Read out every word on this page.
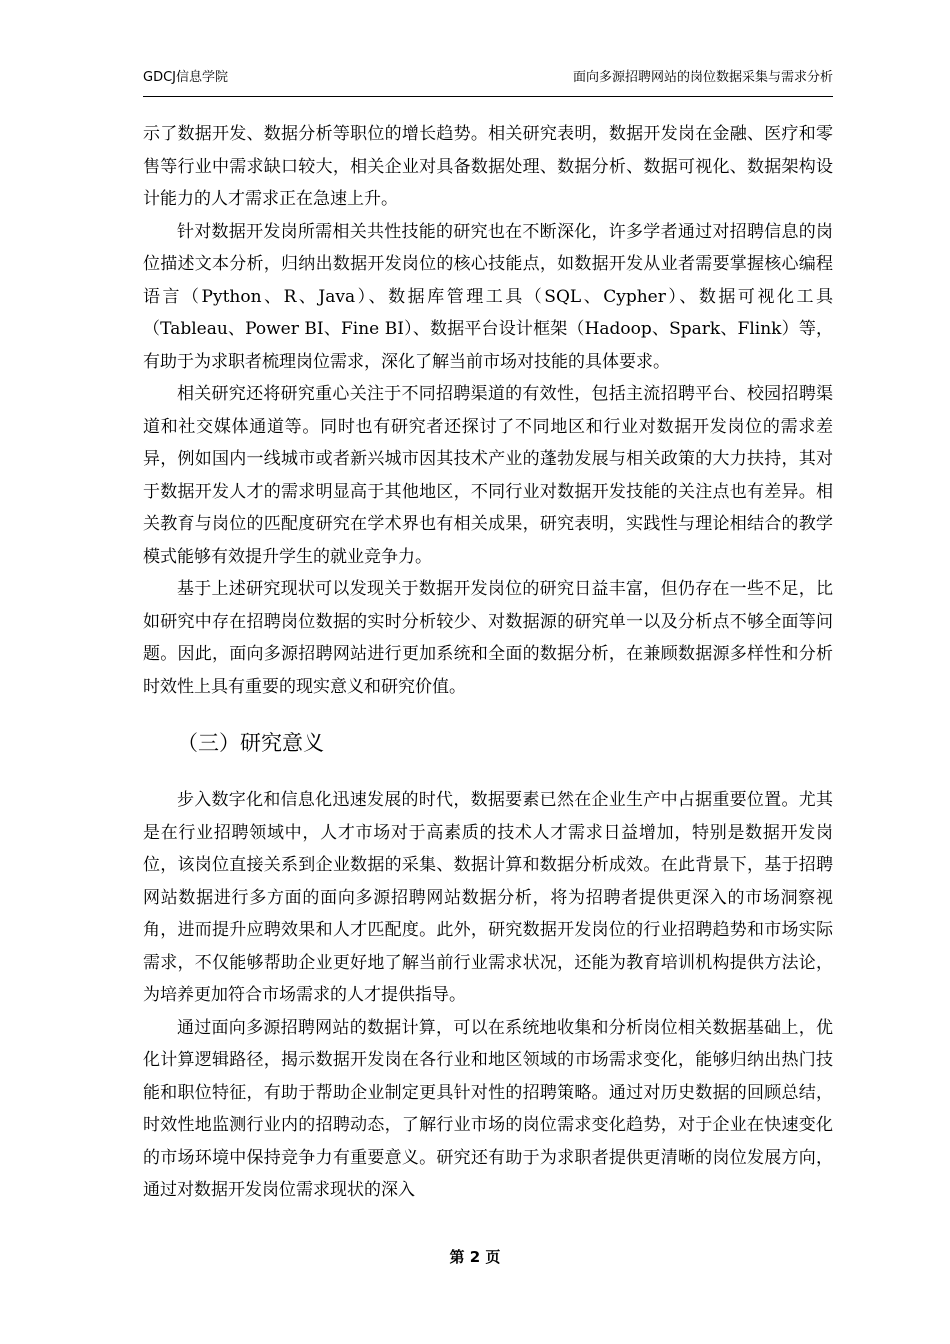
GDCJ信息学院	面向多源招聘网站的岗位数据采集与需求分析

示了数据开发、数据分析等职位的增长趋势。相关研究表明，数据开发岗在金融、医疗和零售等行业中需求缺口较大，相关企业对具备数据处理、数据分析、数据可视化、数据架构设计能力的人才需求正在急速上升。

针对数据开发岗所需相关共性技能的研究也在不断深化，许多学者通过对招聘信息的岗位描述文本分析，归纳出数据开发岗位的核心技能点，如数据开发从业者需要掌握核心编程语言（Python、R、Java）、数据库管理工具（SQL、Cypher）、数据可视化工具（Tableau、Power BI、Fine BI）、数据平台设计框架（Hadoop、Spark、Flink）等，有助于为求职者梳理岗位需求，深化了解当前市场对技能的具体要求。

相关研究还将研究重心关注于不同招聘渠道的有效性，包括主流招聘平台、校园招聘渠道和社交媒体通道等。同时也有研究者还探讨了不同地区和行业对数据开发岗位的需求差异，例如国内一线城市或者新兴城市因其技术产业的蓬勃发展与相关政策的大力扶持，其对于数据开发人才的需求明显高于其他地区，不同行业对数据开发技能的关注点也有差异。相关教育与岗位的匹配度研究在学术界也有相关成果，研究表明，实践性与理论相结合的教学模式能够有效提升学生的就业竞争力。

基于上述研究现状可以发现关于数据开发岗位的研究日益丰富，但仍存在一些不足，比如研究中存在招聘岗位数据的实时分析较少、对数据源的研究单一以及分析点不够全面等问题。因此，面向多源招聘网站进行更加系统和全面的数据分析，在兼顾数据源多样性和分析时效性上具有重要的现实意义和研究价值。

（三）研究意义

步入数字化和信息化迅速发展的时代，数据要素已然在企业生产中占据重要位置。尤其是在行业招聘领域中，人才市场对于高素质的技术人才需求日益增加，特别是数据开发岗位，该岗位直接关系到企业数据的采集、数据计算和数据分析成效。在此背景下，基于招聘网站数据进行多方面的面向多源招聘网站数据分析，将为招聘者提供更深入的市场洞察视角，进而提升应聘效果和人才匹配度。此外，研究数据开发岗位的行业招聘趋势和市场实际需求，不仅能够帮助企业更好地了解当前行业需求状况，还能为教育培训机构提供方法论，为培养更加符合市场需求的人才提供指导。

通过面向多源招聘网站的数据计算，可以在系统地收集和分析岗位相关数据基础上，优化计算逻辑路径，揭示数据开发岗在各行业和地区领域的市场需求变化，能够归纳出热门技能和职位特征，有助于帮助企业制定更具针对性的招聘策略。通过对历史数据的回顾总结，时效性地监测行业内的招聘动态，了解行业市场的岗位需求变化趋势，对于企业在快速变化的市场环境中保持竞争力有重要意义。研究还有助于为求职者提供更清晰的岗位发展方向，通过对数据开发岗位需求现状的深入

第 2 页
